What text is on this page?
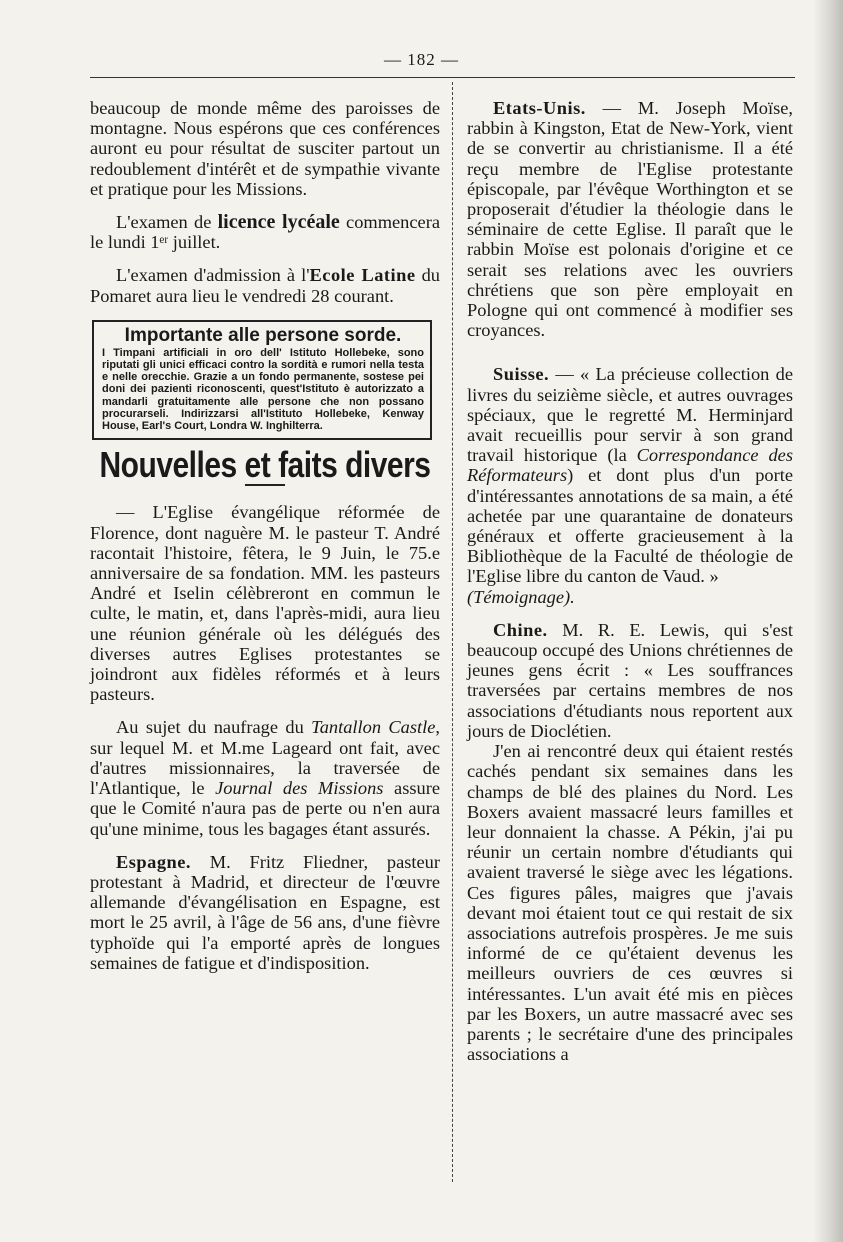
— 182 —

beaucoup de monde même des paroisses de montagne. Nous espérons que ces conférences auront eu pour résultat de susciter partout un redoublement d'intérêt et de sympathie vivante et pratique pour les Missions.

L'examen de licence lycéale commencera le lundi 1ᵉʳ juillet.

L'examen d'admission à l'Ecole Latine du Pomaret aura lieu le vendredi 28 courant.

Importante alle persone sorde.
I Timpani artificiali in oro dell' Istituto Hollebeke, sono riputati gli unici efficaci contro la sordità e rumori nella testa e nelle orecchie. Grazie a un fondo permanente, sostese pei doni dei pazienti riconoscenti, quest'Istituto è autorizzato a mandarli gratuitamente alle persone che non possano procurarseli. Indirizzarsi all'Istituto Hollebeke, Kenway House, Earl's Court, Londra W. Inghilterra.
Nouvelles et faits divers

— L'Eglise évangélique réformée de Florence, dont naguère M. le pasteur T. André racontait l'histoire, fêtera, le 9 Juin, le 75.e anniversaire de sa fondation. MM. les pasteurs André et Iselin célèbreront en commun le culte, le matin, et, dans l'après-midi, aura lieu une réunion générale où les délégués des diverses autres Eglises protestantes se joindront aux fidèles réformés et à leurs pasteurs.

Au sujet du naufrage du Tantallon Castle, sur lequel M. et M.me Lageard ont fait, avec d'autres missionnaires, la traversée de l'Atlantique, le Journal des Missions assure que le Comité n'aura pas de perte ou n'en aura qu'une minime, tous les bagages étant assurés.

Espagne. M. Fritz Fliedner, pasteur protestant à Madrid, et directeur de l'œuvre allemande d'évangélisation en Espagne, est mort le 25 avril, à l'âge de 56 ans, d'une fièvre typhoïde qui l'a emporté après de longues semaines de fatigue et d'indisposition.

Etats-Unis. — M. Joseph Moïse, rabbin à Kingston, Etat de New-York, vient de se convertir au christianisme. Il a été reçu membre de l'Eglise protestante épiscopale, par l'évêque Worthington et se proposerait d'étudier la théologie dans le séminaire de cette Eglise. Il paraît que le rabbin Moïse est polonais d'origine et ce serait ses relations avec les ouvriers chrétiens que son père employait en Pologne qui ont commencé à modifier ses croyances.

Suisse. — « La précieuse collection de livres du seizième siècle, et autres ouvrages spéciaux, que le regretté M. Herminjard avait recueillis pour servir à son grand travail historique (la Correspondance des Réformateurs) et dont plus d'un porte d'intéressantes annotations de sa main, a été achetée par une quarantaine de donateurs généraux et offerte gracieusement à la Bibliothèque de la Faculté de théologie de l'Eglise libre du canton de Vaud. »

(Témoignage).

Chine. M. R. E. Lewis, qui s'est beaucoup occupé des Unions chrétiennes de jeunes gens écrit : « Les souffrances traversées par certains membres de nos associations d'étudiants nous reportent aux jours de Dioclétien.

J'en ai rencontré deux qui étaient restés cachés pendant six semaines dans les champs de blé des plaines du Nord. Les Boxers avaient massacré leurs familles et leur donnaient la chasse. A Pékin, j'ai pu réunir un certain nombre d'étudiants qui avaient traversé le siège avec les légations. Ces figures pâles, maigres que j'avais devant moi étaient tout ce qui restait de six associations autrefois prospères. Je me suis informé de ce qu'étaient devenus les meilleurs ouvriers de ces œuvres si intéressantes. L'un avait été mis en pièces par les Boxers, un autre massacré avec ses parents ; le secrétaire d'une des principales associations a
